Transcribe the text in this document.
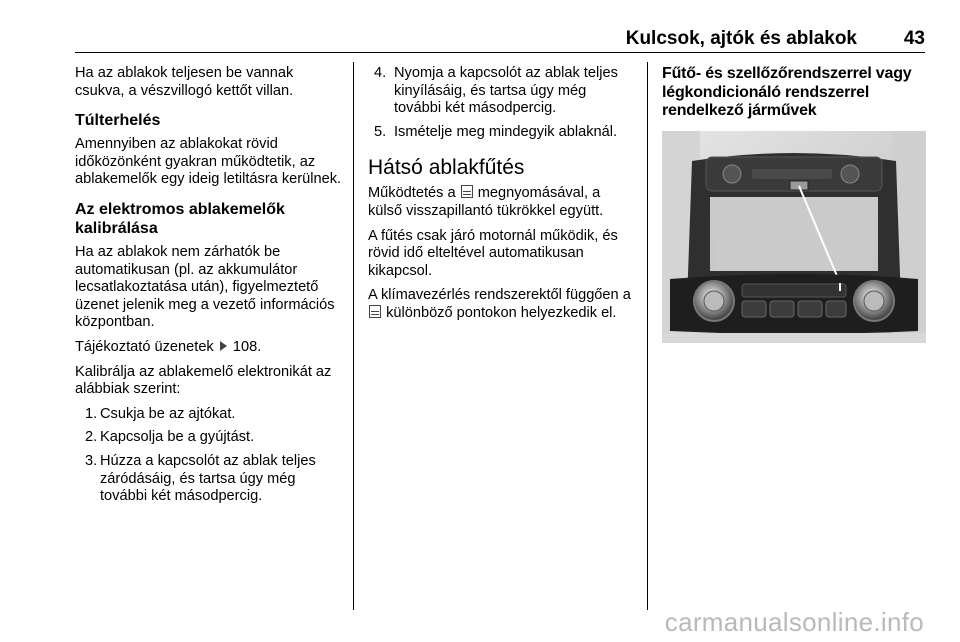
Kulcsok, ajtók és ablakok 43

Ha az ablakok teljesen be vannak csukva, a vészvillogó kettőt villan.

Túlterhelés

Amennyiben az ablakokat rövid időközönként gyakran működtetik, az ablakemelők egy ideig letiltásra kerülnek.

Az elektromos ablakemelők kalibrálása

Ha az ablakok nem zárhatók be automatikusan (pl. az akkumulátor lecsatlakoztatása után), figyelmeztető üzenet jelenik meg a vezető információs központban.

Tájékoztató üzenetek 108.

Kalibrálja az ablakemelő elektronikát az alábbiak szerint:

1. Csukja be az ajtókat.
2. Kapcsolja be a gyújtást.
3. Húzza a kapcsolót az ablak teljes záródásáig, és tartsa úgy még további két másodpercig.
4. Nyomja a kapcsolót az ablak teljes kinyílásáig, és tartsa úgy még további két másodpercig.
5. Ismételje meg mindegyik ablaknál.
Hátsó ablakfűtés

Működtetés a megnyomásával, a külső visszapillantó tükrökkel együtt.

A fűtés csak járó motornál működik, és rövid idő elteltével automatikusan kikapcsol.

A klímavezérlés rendszerektől függően a  különböző pontokon helyezkedik el.

Fűtő- és szellőzőrendszerrel vagy légkondicionáló rendszerrel rendelkező járművek
carmanualsonline.info
